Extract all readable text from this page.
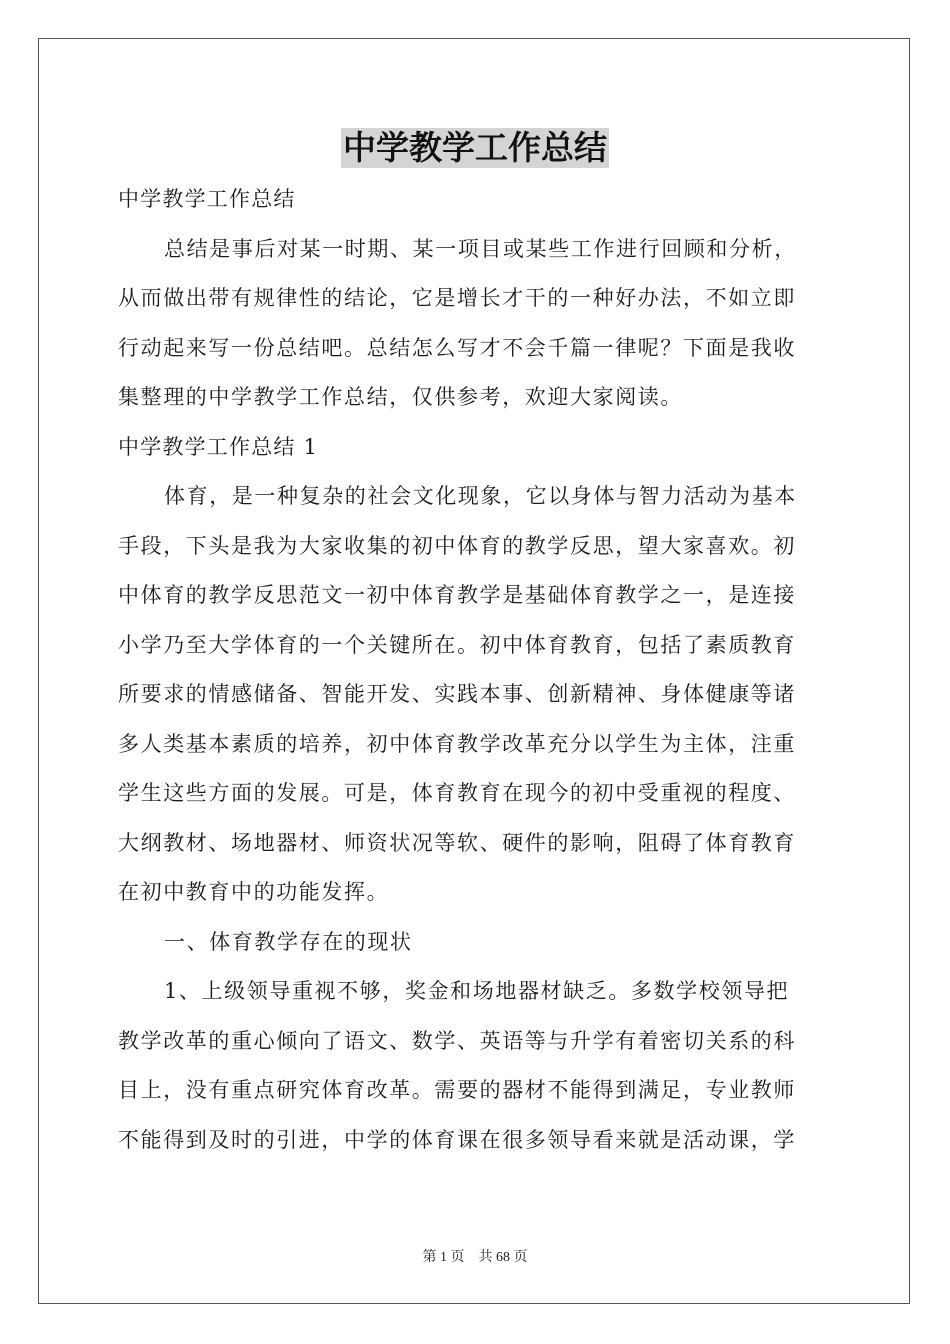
中学教学工作总结
中学教学工作总结
总结是事后对某一时期、某一项目或某些工作进行回顾和分析，
从而做出带有规律性的结论，它是增长才干的一种好办法，不如立即
行动起来写一份总结吧。总结怎么写才不会千篇一律呢？下面是我收
集整理的中学教学工作总结，仅供参考，欢迎大家阅读。
中学教学工作总结 1
体育，是一种复杂的社会文化现象，它以身体与智力活动为基本
手段，下头是我为大家收集的初中体育的教学反思，望大家喜欢。初
中体育的教学反思范文一初中体育教学是基础体育教学之一，是连接
小学乃至大学体育的一个关键所在。初中体育教育，包括了素质教育
所要求的情感储备、智能开发、实践本事、创新精神、身体健康等诸
多人类基本素质的培养，初中体育教学改革充分以学生为主体，注重
学生这些方面的发展。可是，体育教育在现今的初中受重视的程度、
大纲教材、场地器材、师资状况等软、硬件的影响，阻碍了体育教育
在初中教育中的功能发挥。
一、体育教学存在的现状
1、上级领导重视不够，奖金和场地器材缺乏。多数学校领导把
教学改革的重心倾向了语文、数学、英语等与升学有着密切关系的科
目上，没有重点研究体育改革。需要的器材不能得到满足，专业教师
不能得到及时的引进，中学的体育课在很多领导看来就是活动课，学
第 1 页 共 68 页
